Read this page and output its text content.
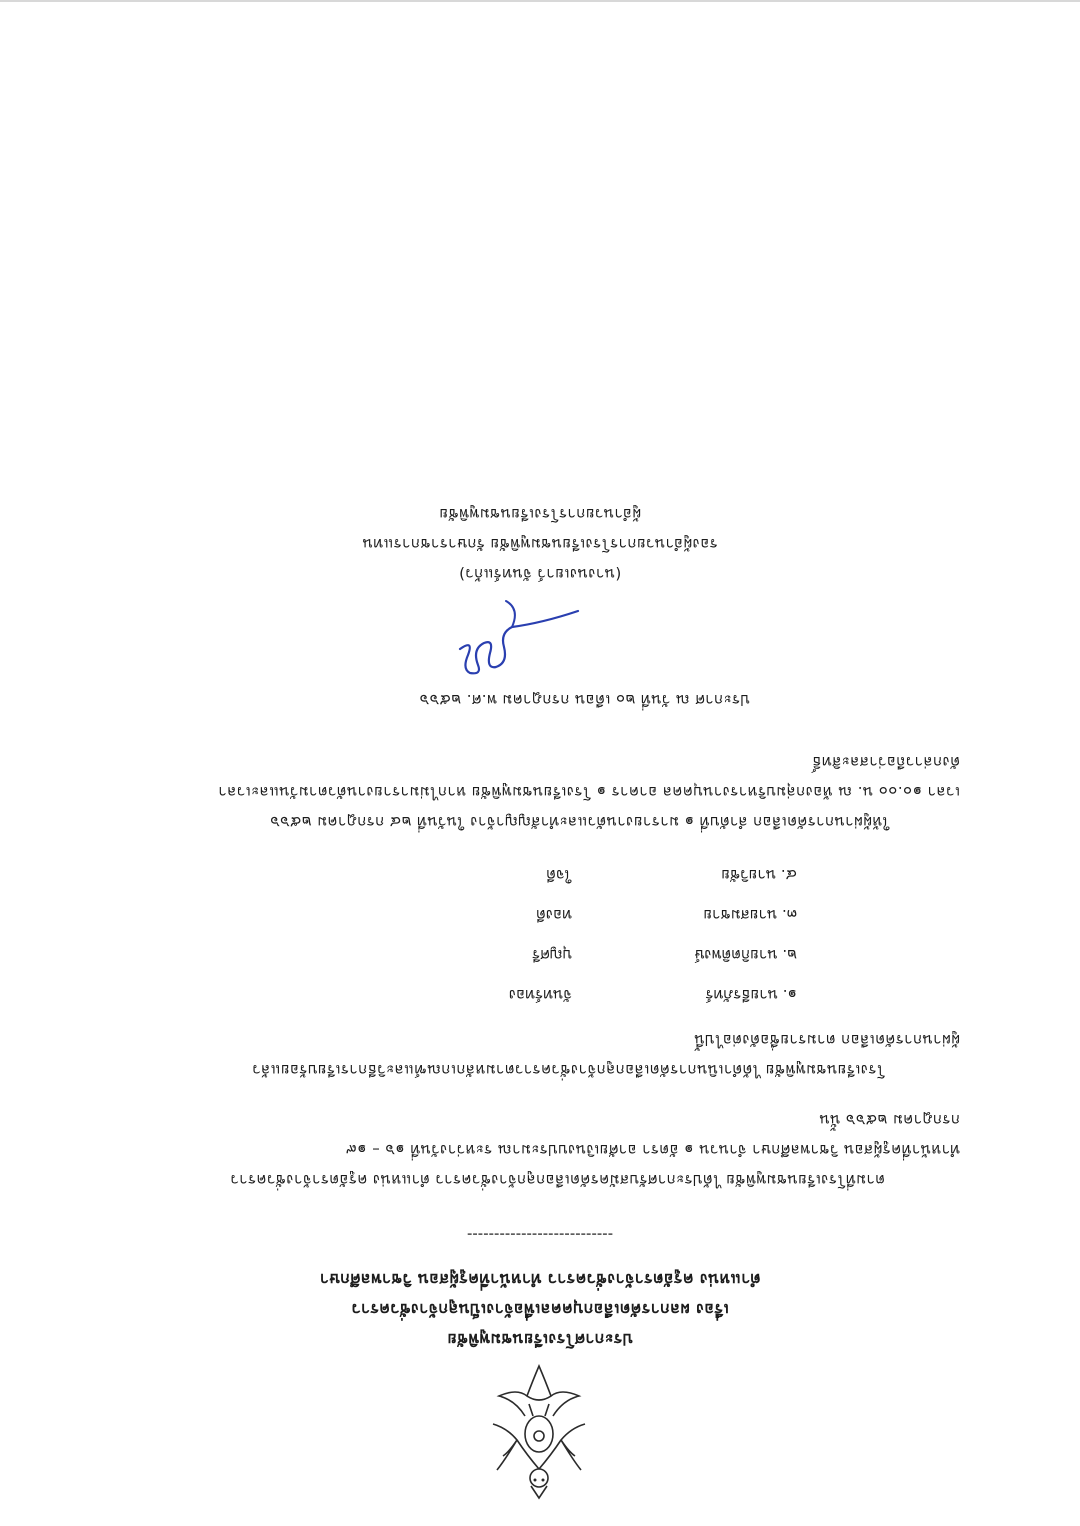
ประกาศโรงเรียนชมพูพิชัย
เรื่อง ผลการคัดเลือกบุคคลเพื่อจ้างเป็นลูกจ้างชั่วคราว
ตำแหน่ง ครูอัตราจ้างชั่วคราว ทำหน้าที่ครูผู้สอน วิชาพลศึกษา
---------------------------
ตามที่โรงเรียนชมพูพิชัย ได้ประกาศรับสมัครคัดเลือกลูกจ้างชั่วคราว ตำแหน่ง ครูอัตราจ้างชั่วคราว
ทำหน้าที่ครูผู้สอน วิชาพลศึกษา จำนวน ๑ อัตรา อาศัยเงินงบประมาณ ระหว่างวันที่ ๑๖ – ๑๙
กรกฎาคม ๒๕๖๖ นั้น
โรงเรียนชมพูพิชัย ได้ดำเนินการคัดเลือกลูกจ้างชั่วคราวตามหลักเกณฑ์และวิธีการเรียบร้อยแล้ว
ผู้ผ่านการคัดเลือก ตามรายชื่อดังต่อไปนี้
๑. นายธีรภัทร์
จันทร์ทอง
๒. นายกิตติพงษ์
บุญศรี
๓. นายสมชาย
ทองดี
๔. นายวิชัย
ใจดี
ให้ผู้ผ่านการคัดเลือก ลำดับที่ ๑ มารายงานตัวและทำสัญญาจ้าง ในวันที่ ๒๔ กรกฎาคม ๒๕๖๖
เวลา ๑๐.๐๐ น. ณ ห้องกลุ่มบริหารงานบุคคล อาคาร ๑ โรงเรียนชมพูพิชัย หากไม่มารายงานตัวตามวันและเวลา
ดังกล่าวถือว่าสละสิทธิ์
ประกาศ ณ วันที่ ๒๐ เดือน กรกฎาคม พ.ศ. ๒๕๖๖
(นางนงเยาว์ จันทร์แก้ว)
รองผู้อำนวยการโรงเรียนชมพูพิชัย รักษาราชการแทน
ผู้อำนวยการโรงเรียนชมพูพิชัย
